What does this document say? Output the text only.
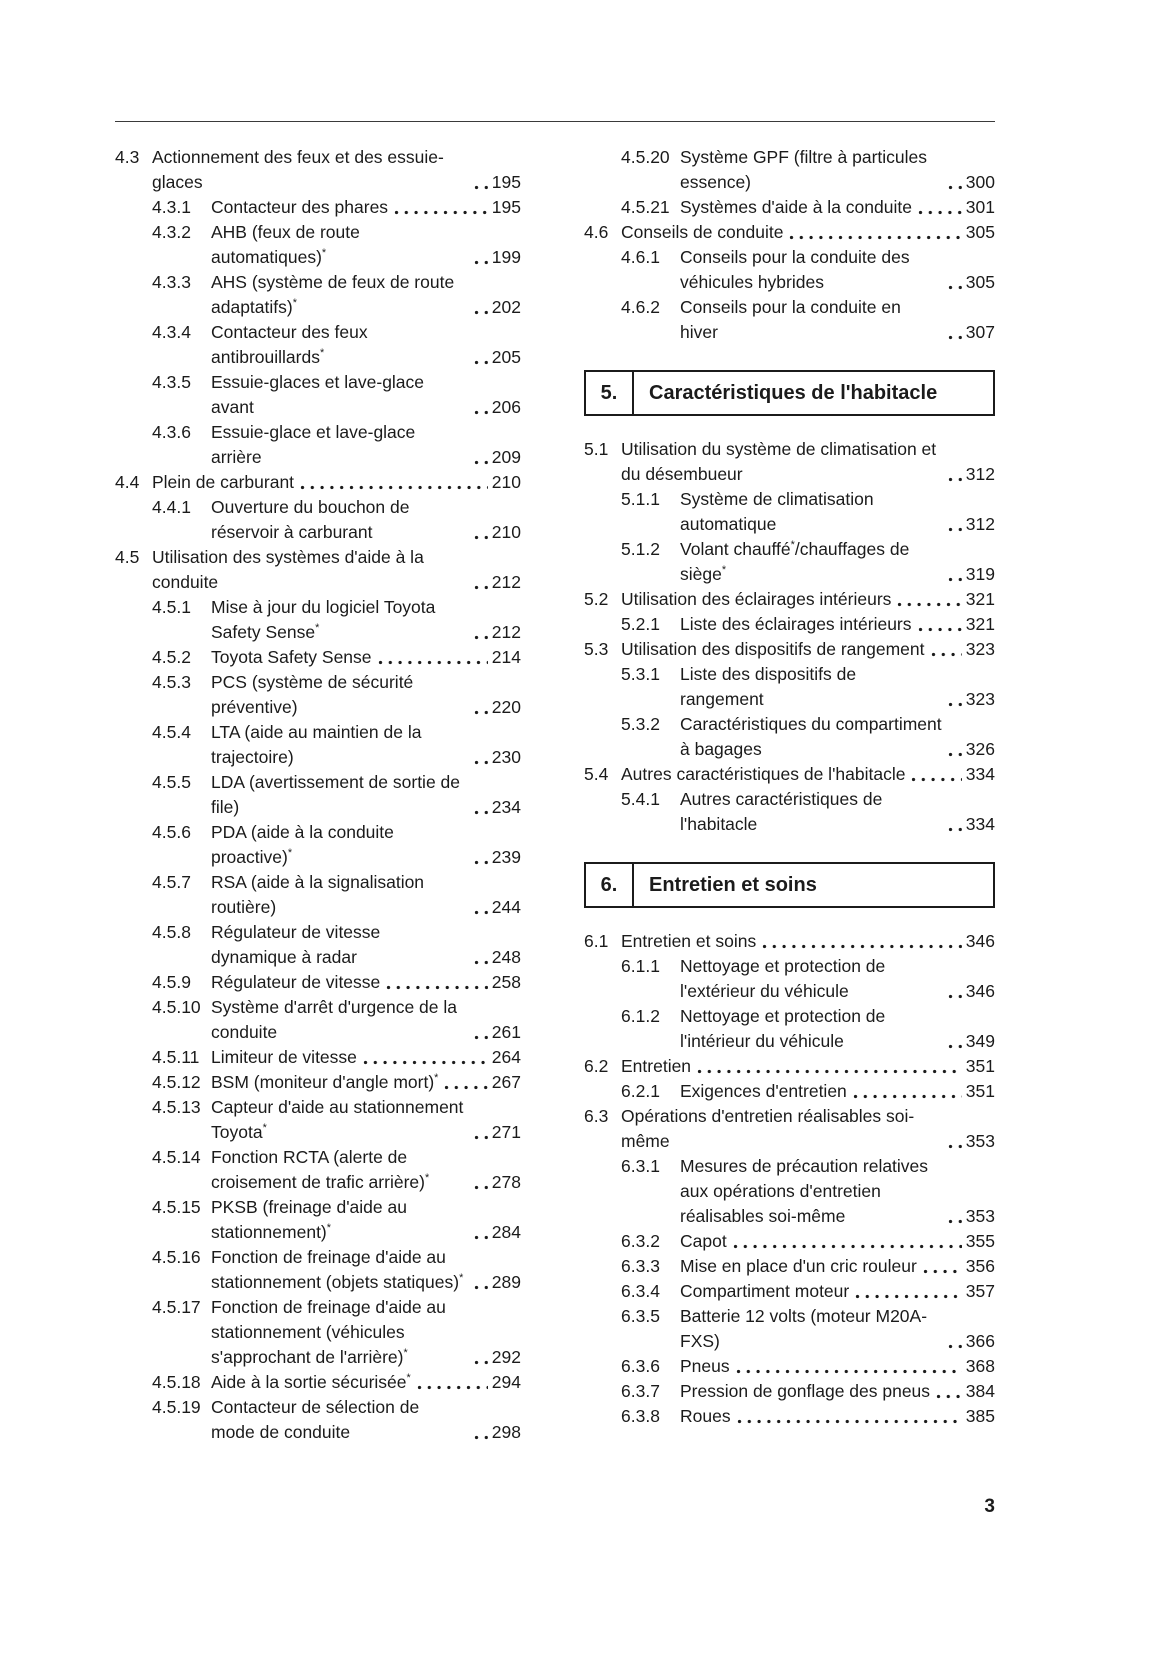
4.3 Actionnement des feux et des essuie-glaces	195
4.3.1	Contacteur des phares	195
4.3.2	AHB (feux de route automatiques)*	199
4.3.3	AHS (système de feux de route adaptatifs)*	202
4.3.4	Contacteur des feux antibrouillards*	205
4.3.5	Essuie-glaces et lave-glace avant	206
4.3.6	Essuie-glace et lave-glace arrière	209
4.4 Plein de carburant	210
4.4.1	Ouverture du bouchon de réservoir à carburant	210
4.5 Utilisation des systèmes d'aide à la conduite	212
4.5.1	Mise à jour du logiciel Toyota Safety Sense*	212
4.5.2	Toyota Safety Sense	214
4.5.3	PCS (système de sécurité préventive)	220
4.5.4	LTA (aide au maintien de la trajectoire)	230
4.5.5	LDA (avertissement de sortie de file)	234
4.5.6	PDA (aide à la conduite proactive)*	239
4.5.7	RSA (aide à la signalisation routière)	244
4.5.8	Régulateur de vitesse dynamique à radar	248
4.5.9	Régulateur de vitesse	258
4.5.10 Système d'arrêt d'urgence de la conduite	261
4.5.11 Limiteur de vitesse	264
4.5.12 BSM (moniteur d'angle mort)*	267
4.5.13 Capteur d'aide au stationnement Toyota*	271
4.5.14 Fonction RCTA (alerte de croisement de trafic arrière)*	278
4.5.15 PKSB (freinage d'aide au stationnement)*	284
4.5.16 Fonction de freinage d'aide au stationnement (objets statiques)* 289
4.5.17 Fonction de freinage d'aide au stationnement (véhicules s'approchant de l'arrière)*	292
4.5.18 Aide à la sortie sécurisée*	294
4.5.19 Contacteur de sélection de mode de conduite	298
4.5.20 Système GPF (filtre à particules essence)	300
4.5.21 Systèmes d'aide à la conduite	301
4.6 Conseils de conduite	305
4.6.1	Conseils pour la conduite des véhicules hybrides	305
4.6.2	Conseils pour la conduite en hiver	307
5.	Caractéristiques de l'habitacle
5.1 Utilisation du système de climatisation et du désembueur	312
5.1.1	Système de climatisation automatique	312
5.1.2	Volant chauffé*/chauffages de siège*	319
5.2 Utilisation des éclairages intérieurs	321
5.2.1	Liste des éclairages intérieurs	321
5.3 Utilisation des dispositifs de rangement 323
5.3.1	Liste des dispositifs de rangement	323
5.3.2	Caractéristiques du compartiment à bagages	326
5.4 Autres caractéristiques de l'habitacle	334
5.4.1	Autres caractéristiques de l'habitacle	334
6.	Entretien et soins
6.1 Entretien et soins	346
6.1.1	Nettoyage et protection de l'extérieur du véhicule	346
6.1.2	Nettoyage et protection de l'intérieur du véhicule	349
6.2 Entretien	351
6.2.1	Exigences d'entretien	351
6.3 Opérations d'entretien réalisables soi-même	353
6.3.1	Mesures de précaution relatives aux opérations d'entretien réalisables soi-même	353
6.3.2	Capot	355
6.3.3	Mise en place d'un cric rouleur	356
6.3.4	Compartiment moteur	357
6.3.5	Batterie 12 volts (moteur M20A-FXS)	366
6.3.6	Pneus	368
6.3.7	Pression de gonflage des pneus 384
6.3.8	Roues	385
3
